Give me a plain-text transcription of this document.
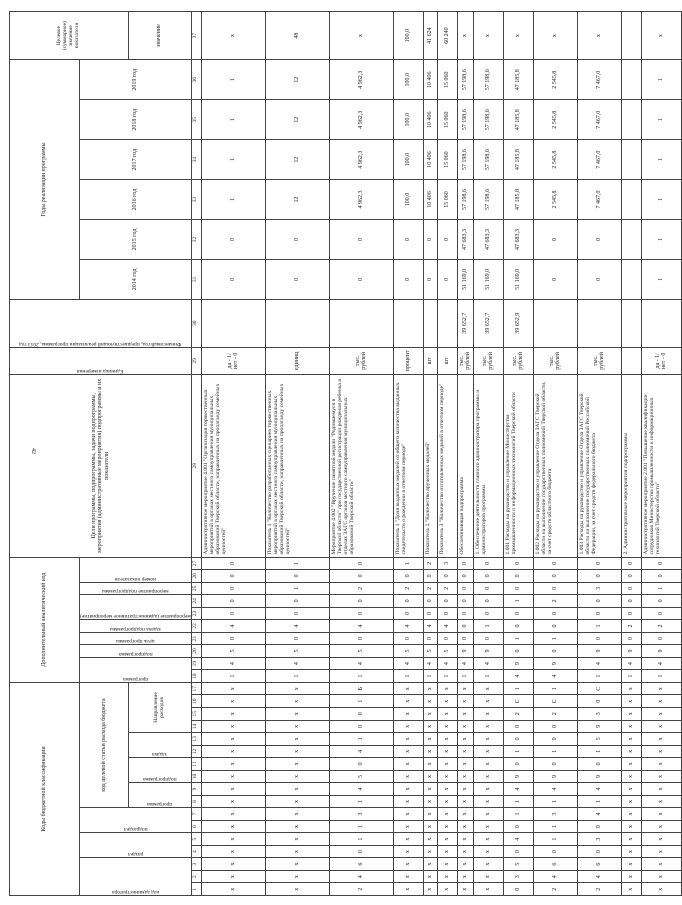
42
Коды бюджетной классификации																	Дополнительный аналитический код										Цели программы, подпрограммы, задачи подпрограммы, мероприятия (административные мероприятия) подпрограммы и их показатели	Единица измерения	Финансовый год, предшествующий реализации программы, 2013 год	Годы реализации программы						Целевое (суммарное) значение показателя

код администратора			раздел		подраздел		код целевой статьи расхода бюджета										программа		подпрограмма	цель программы	задача подпрограммы	мероприятие (административное мероприятие)		мероприятие подпрограммы	номер показателя					2014 год	2015 год	2016 год	2017 год	2018 год	2019 год	

							программа		подпрограмма		задача		Направление расходов																							значение
1	2	3	4	5	6	7	8	9	10	11	12	13	14	15	16	17	18	19	20	21	22	23	24	25	26	27	28	29	30	31	32	33	34	35	36	37
x	x	x	x	x	x	x	x	x	x	x	x	x	x	x	x	x	1	4	5	0	4	0	0	0	0	0	Административное мероприятие 4.001 "Организация торжественных мероприятий в органах местного самоуправления муниципальных образований Тверской области, направленных на пропаганду семейных ценностей"	да - 1/ нет - 0		0	0	1	1	1	1	x
x	x	x	x	x	x	x	x	x	x	x	x	x	x	x	x	x	1	4	5	0	4	0	0	1	0	1	Показатель 1 "Количество разработанных сценариев торжественных мероприятий в органах местного самоуправления муниципальных образований Тверской области, направленных на пропаганду семейных ценностей"	единиц		0	0	12	12	12	12	48
2	4	6	0	1	1	3	1	4	5	0	4	1	0	0	1	Б	1	4	5	0	4	0	0	2	0	0	Мероприятие 4.002 "Вручение памятной медали "Родившемуся в Тверской области" при государственной регистрации рождения ребенка в отделах ЗАГС органов местного самоуправления муниципальных образований Тверской области"	тыс. рублей		0	0	4 962,3	4 962,3	4 962,3	4 962,3	x
x	x	x	x	x	x	x	x	x	x	x	x	x	x	x	x	x	1	4	5	0	4	0	0	2	0	1	Показатель 1 "Доля выданных медалей от общего количества выданных свидетельств о рождении в отчетном периоде"	процент		0	0	100,0	100,0	100,0	100,0	100,0
x	x	x	x	x	x	x	x	x	x	x	x	x	x	x	x	x	1	4	5	0	4	0	0	2	0	2	Показатель 2 "Количество врученных медалей"	шт		0	0	10 406	10 406	10 406	10 406	41 624
x	x	x	x	x	x	x	x	x	x	x	x	x	x	x	x	x	1	4	5	0	4	0	0	2	0	3	Показатель 3 "Количество изготовленных медалей в отчетном периоде"	шт		0	0	15 060	15 060	15 060	15 060	60 240
x	x	x	x	x	x	x	x	x	x	x	x	x	x	x	x	x	1	4	9	0	0	0	0	0	0	0	Обеспечивающая подпрограмма	тыс. рублей	39 652,7	51 169,0	47 683,3	57 198,6	57 198,6	57 198,6	57 198,6	x
x	x	x	x	x	x	x	x	x	x	x	x	x	x	x	x	x	1	4	9	0	1	0	0	0	0	0	1. Обеспечение деятельности главного администратора программы и администраторов программы	тыс. рублей	39 652,7	51 169,0	47 683,3	57 198,6	57 198,6	57 198,6	57 198,6	x
0	3	5	0	4	0	1	1	4	9	0	1	0	0	2	С	1	4	9	0	1	0	0	1	0	0	0	1.001 Расходы на руководство и управление Министерства промышленности и информационных технологий Тверской области	тыс. рублей	39 652,9	51 169,0	47 683,3	47 185,8	47 185,8	47 185,8	47 185,8	x
2	4	6	0	1	1	3	1	4	9	0	1	0	0	2	С	1	4	9	0	1	0	0	2	0	0	0	1.002 Расходы на руководство и управление Отдела ЗАГС Тверской области на выполнение государственных полномочий Тверской области, за счет средств областного бюджета	тыс. рублей		0	0	2 545,8	2 545,8	2 545,8	2 545,8	x
2	4	6	0	3	0	4	1	4	9	0	1	5	9	3	0	С	1	4	9	0	1	0	0	3	0	0	1.003 Расходы на руководство и управление Отдела ЗАГС Тверской области на выполнение государственных полномочий Российской Федерации, за счет средств федерального бюджета	тыс. рублей		0	0	7 467,0	7 467,0	7 467,0	7 467,0	x
x	x	x	x	x	x	x	x	x	x	x	x	x	x	x	x	x	1	4	9	0	2	0	0	0	0	0	2. Административные мероприятия подпрограммы									
x	x	x	x	x	x	x	x	x	x	x	x	x	x	x	x	x	1	4	9	0	2	0	0	1	0	0	Административное мероприятие 2.001 "Повышение квалификации сотрудников Министерства промышленности и информационных технологий Тверской области"	да - 1/ нет - 0		1	1	1	1	1	1	x
